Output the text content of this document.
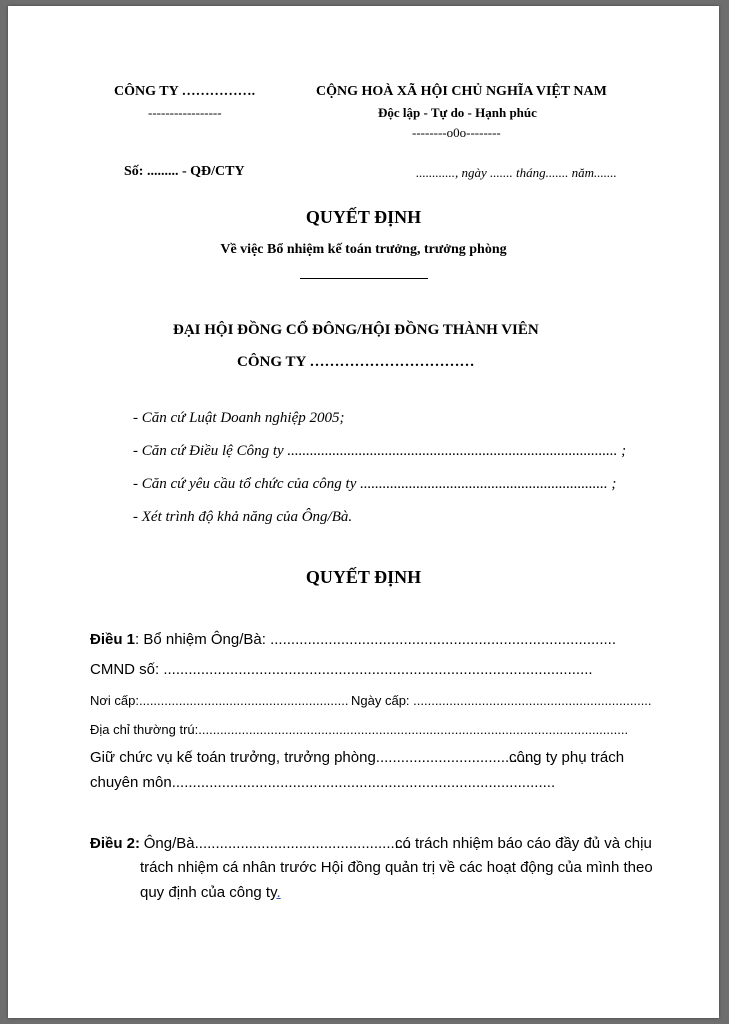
CÔNG TY …………….
-----------------
CỘNG HOÀ XÃ HỘI CHỦ NGHĨA VIỆT NAM
Độc lập - Tự do - Hạnh phúc
--------o0o--------
Số: ......... - QĐ/CTY	............, ngày ....... tháng....... năm.......
QUYẾT ĐỊNH
Về việc Bổ nhiệm kế toán trưởng, trưởng phòng
ĐẠI HỘI ĐỒNG CỔ ĐÔNG/HỘI ĐỒNG THÀNH VIÊN
CÔNG TY ……………………………
- Căn cứ Luật Doanh nghiệp 2005;
- Căn cứ Điều lệ Công ty ........................................................................................ ;
- Căn cứ yêu cầu tổ chức của công ty .................................................................. ;
- Xét trình độ khả năng của Ông/Bà.
QUYẾT ĐỊNH
Điều 1: Bổ nhiệm Ông/Bà: ...................................................................................
CMND số: .......................................................................................................
Nơi cấp:.......................................................... Ngày cấp: ..................................................................
Địa chỉ thường trú:.......................................................................................................................
Giữ chức vụ kế toán trưởng, trưởng phòng.......................................
công ty phụ trách
chuyên môn............................................................................................
Điều 2: Ông/Bà....................................................
có trách nhiệm báo cáo đầy đủ và chịu
trách nhiệm cá nhân trước Hội đồng quản trị về các hoạt động của mình theo
quy định của công ty.
